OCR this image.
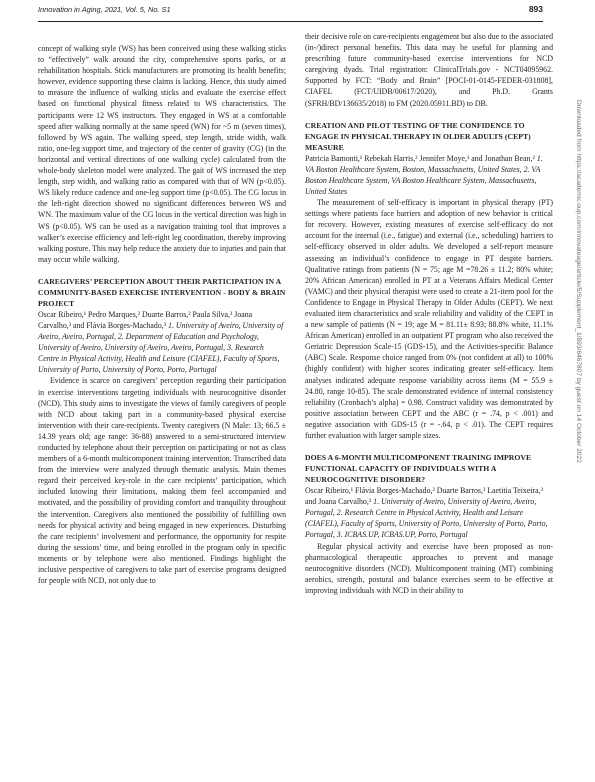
Innovation in Aging, 2021, Vol. 5, No. S1	893

concept of walking style (WS) has been conceived using these walking sticks to “effectively” walk around the city, comprehensive sports parks, or at rehabilitation hospitals. Stick manufacturers are promoting its health benefits; however, evidence supporting these claims is lacking. Hence, this study aimed to measure the influence of walking sticks and evaluate the exercise effect based on functional physical fitness related to WS characteristics. The participants were 12 WS instructors. They engaged in WS at a comfortable speed after walking normally at the same speed (WN) for ~5 m (seven times), followed by WS again. The walking speed, step length, stride width, walk ratio, one-leg support time, and trajectory of the center of gravity (CG) (in the horizontal and vertical directions of one walking cycle) calculated from the whole-body skeleton model were analyzed. The gait of WS increased the step length, step width, and walking ratio as compared with that of WN (p<0.05). WS likely reduce cadence and one-leg support time (p<0.05). The CG locus in the left-right direction showed no significant differences between WS and WN. The maximum value of the CG locus in the vertical direction was high in WS (p<0.05). WS can be used as a navigation training tool that improves a walker’s exercise efficiency and left-right leg coordination, thereby improving walking posture. This may help reduce the anxiety due to injuries and pain that may occur while walking.

CAREGIVERS’ PERCEPTION ABOUT THEIR PARTICIPATION IN A COMMUNITY-BASED EXERCISE INTERVENTION - BODY & BRAIN PROJECT

Oscar Ribeiro,¹ Pedro Marques,² Duarte Barros,² Paula Silva,³ Joana Carvalho,³ and Flávia Borges-Machado,³ 1. University of Aveiro, University of Aveiro, Aveiro, Portugal, 2. Department of Education and Psychology, University of Aveiro, University of Aveiro, Aveiro, Portugal, 3. Research Centre in Physical Activity, Health and Leisure (CIAFEL), Faculty of Sports, University of Porto, University of Porto, Porto, Portugal

Evidence is scarce on caregivers’ perception regarding their participation in exercise interventions targeting individuals with neurocognitive disorder (NCD). This study aims to investigate the views of family caregivers of people with NCD about taking part in a community-based physical exercise intervention with their care-recipients. Twenty caregivers (N Male: 13; 66.5 ± 14.39 years old; age range: 36-88) answered to a semi-structured interview conducted by telephone about their perception on participating or not as class members of a 6-month multicomponent training intervention. Transcribed data from the interview were analyzed through thematic analysis. Main themes regard their perceived key-role in the care recipients’ participation, which included knowing their limitations, making them feel accompanied and motivated, and the possibility of providing comfort and tranquility throughout the intervention. Caregivers also mentioned the possibility of fulfilling own needs for physical activity and being engaged in new experiences. Disturbing the care recipients’ involvement and performance, the opportunity for respite during the sessions’ time, and being enrolled in the program only in specific moments or by telephone were also mentioned. Findings highlight the inclusive perspective of caregivers to take part of exercise programs designed for people with NCD, not only due to

their decisive role on care-recipients engagement but also due to the associated (in-/)direct personal benefits. This data may be useful for planning and prescribing future community-based exercise interventions for NCD caregiving dyads. Trial registration: ClinicalTrials.gov - NCT04095962. Supported by FCT: “Body and Brain” [POCI-01-0145-FEDER-031808], CIAFEL (FCT/UIDB/00617/2020), and Ph.D. Grants (SFRH/BD/136635/2018) to FM (2020.05911.BD) to DB.

CREATION AND PILOT TESTING OF THE CONFIDENCE TO ENGAGE IN PHYSICAL THERAPY IN OLDER ADULTS (CEPT) MEASURE

Patricia Bamonti,¹ Rebekah Harris,² Jennifer Moye,¹ and Jonathan Bean,² 1. VA Boston Healthcare System, Boston, Massachusetts, United States, 2. VA Boston Healthcare System, VA Boston Healthcare System, Massachusetts, United States

The measurement of self-efficacy is important in physical therapy (PT) settings where patients face barriers and adoption of new behavior is critical for recovery. However, existing measures of exercise self-efficacy do not account for the internal (i.e., fatigue) and external (i.e., scheduling) barriers to self-efficacy observed in older adults. We developed a self-report measure assessing an individual’s confidence to engage in PT despite barriers. Qualitative ratings from patients (N = 75; age M =78.26 ± 11.2; 80% white; 20% African American) enrolled in PT at a Veterans Affairs Medical Center (VAMC) and their physical therapist were used to create a 21-item pool for the Confidence to Engage in Physical Therapy in Older Adults (CEPT). We next evaluated item characteristics and scale reliability and validity of the CEPT in a new sample of patients (N = 19; age M = 81.11± 8.93; 88.8% white, 11.1% African American) enrolled in an outpatient PT program who also received the Geriatric Depression Scale-15 (GDS-15), and the Activities-specific Balance (ABC) Scale. Response choice ranged from 0% (not confident at all) to 100% (highly confident) with higher scores indicating greater self-efficacy. Item analyses indicated adequate response variability across items (M = 55.9 ± 24.80, range 10-85). The scale demonstrated evidence of internal consistency reliability (Cronbach’s alpha) = 0.98. Construct validity was demonstrated by positive association between CEPT and the ABC (r = .74, p < .001) and negative association with GDS-15 (r = -.64, p < .01). The CEPT requires further evaluation with larger sample sizes.

DOES A 6-MONTH MULTICOMPONENT TRAINING IMPROVE FUNCTIONAL CAPACITY OF INDIVIDUALS WITH A NEUROCOGNITIVE DISORDER?

Oscar Ribeiro,¹ Flávia Borges-Machado,² Duarte Barros,² Laetitia Teixeira,³ and Joana Carvalho,² 1. University of Aveiro, University of Aveiro, Aveiro, Portugal, 2. Research Centre in Physical Activity, Health and Leisure (CIAFEL), Faculty of Sports, University of Porto, University of Porto, Porto, Portugal, 3. ICBAS.UP, ICBAS.UP, Porto, Portugal

Regular physical activity and exercise have been proposed as non-pharmacological therapeutic approaches to prevent and manage neurocognitive disorders (NCD). Multicomponent training (MT) combining aerobics, strength, postural and balance exercises seem to be effective at improving individuals with NCD in their ability to

Downloaded from https://academic.oup.com/innovateage/article/5/Supplement_1/893/6467807 by guest on 14 October 2022
